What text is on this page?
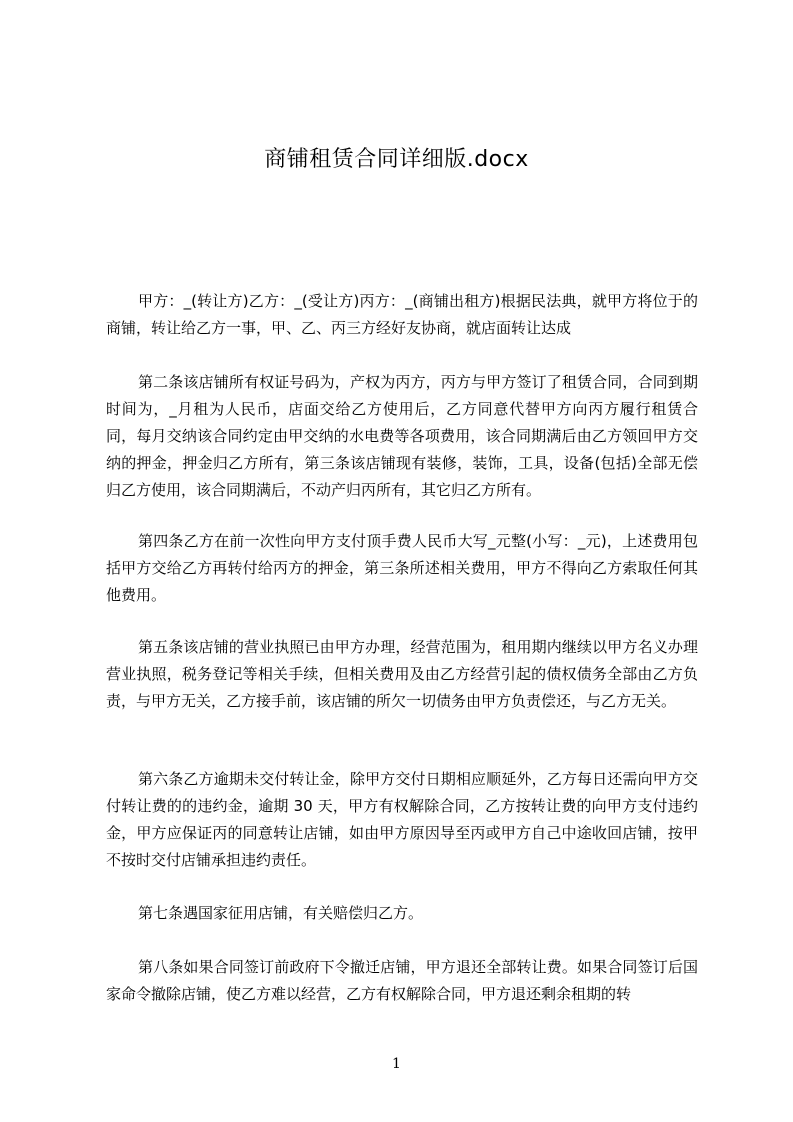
商铺租赁合同详细版.docx

甲方：_(转让方)乙方：_(受让方)丙方：_(商铺出租方)根据民法典，就甲方将位于的商铺，转让给乙方一事，甲、乙、丙三方经好友协商，就店面转让达成

第二条该店铺所有权证号码为，产权为丙方，丙方与甲方签订了租赁合同，合同到期时间为，_月租为人民币，店面交给乙方使用后，乙方同意代替甲方向丙方履行租赁合同，每月交纳该合同约定由甲交纳的水电费等各项费用，该合同期满后由乙方领回甲方交纳的押金，押金归乙方所有，第三条该店铺现有装修，装饰，工具，设备(包括)全部无偿归乙方使用，该合同期满后，不动产归丙所有，其它归乙方所有。

第四条乙方在前一次性向甲方支付顶手费人民币大写_元整(小写：_元)，上述费用包括甲方交给乙方再转付给丙方的押金，第三条所述相关费用，甲方不得向乙方索取任何其他费用。

第五条该店铺的营业执照已由甲方办理，经营范围为，租用期内继续以甲方名义办理营业执照，税务登记等相关手续，但相关费用及由乙方经营引起的债权债务全部由乙方负责，与甲方无关，乙方接手前，该店铺的所欠一切债务由甲方负责偿还，与乙方无关。

第六条乙方逾期未交付转让金，除甲方交付日期相应顺延外，乙方每日还需向甲方交付转让费的的违约金，逾期 30 天，甲方有权解除合同，乙方按转让费的向甲方支付违约金，甲方应保证丙的同意转让店铺，如由甲方原因导至丙或甲方自己中途收回店铺，按甲不按时交付店铺承担违约责任。

第七条遇国家征用店铺，有关赔偿归乙方。

第八条如果合同签订前政府下令撤迁店铺，甲方退还全部转让费。如果合同签订后国家命令撤除店铺，使乙方难以经营，乙方有权解除合同，甲方退还剩余租期的转

1
